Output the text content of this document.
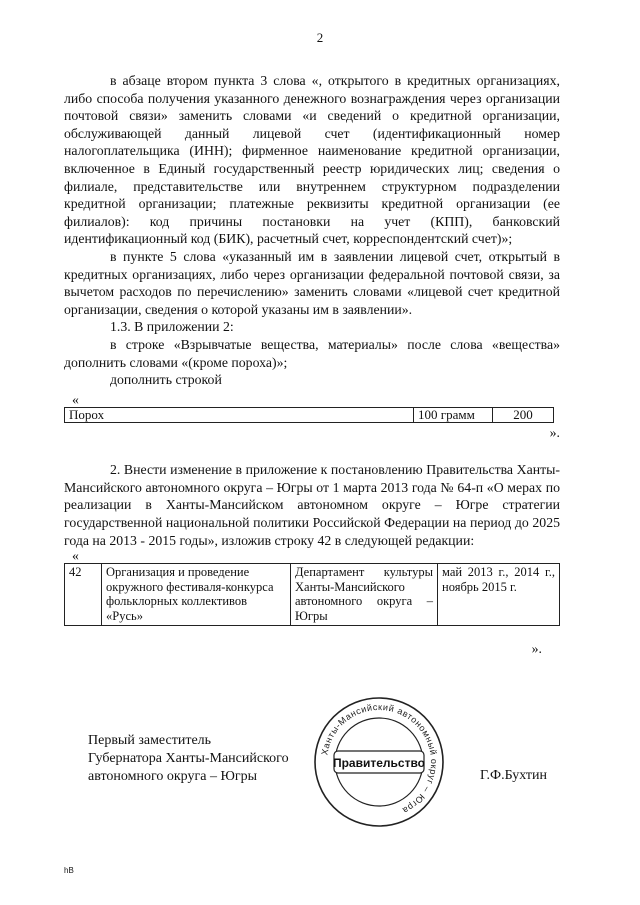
2

в абзаце втором пункта 3 слова «, открытого в кредитных организациях, либо способа получения указанного денежного вознаграждения через организации почтовой связи» заменить словами «и сведений о кредитной организации, обслуживающей данный лицевой счет (идентификационный номер налогоплательщика (ИНН); фирменное наименование кредитной организации, включенное в Единый государственный реестр юридических лиц; сведения о филиале, представительстве или внутреннем структурном подразделении кредитной организации; платежные реквизиты кредитной организации (ее филиалов): код причины постановки на учет (КПП), банковский идентификационный код (БИК), расчетный счет, корреспондентский счет)»;

в пункте 5 слова «указанный им в заявлении лицевой счет, открытый в кредитных организациях, либо через организации федеральной почтовой связи, за вычетом расходов по перечислению» заменить словами «лицевой счет кредитной организации, сведения о которой указаны им в заявлении».

1.3. В приложении 2:

в строке «Взрывчатые вещества, материалы» после слова «вещества» дополнить словами «(кроме пороха)»;

дополнить строкой

«
Порох	100 грамм	200
».

2. Внести изменение в приложение к постановлению Правительства Ханты-Мансийского автономного округа – Югры от 1 марта 2013 года № 64-п «О мерах по реализации в Ханты-Мансийском автономном округе – Югре стратегии государственной национальной политики Российской Федерации на период до 2025 года на 2013 - 2015 годы», изложив строку 42 в следующей редакции:

«
42	Организация и проведение окружного фестиваля-конкурса фольклорных коллективов «Русь»	Департамент культуры Ханты-Мансийского автономного округа – Югры	май 2013 г., 2014 г., ноябрь 2015 г.
».
Первый заместитель
Губернатора Ханты-Мансийского
автономного округа – Югры
Ханты-Мансийский автономный округ – Югра
Правительство
Г.Ф.Бухтин
hB
